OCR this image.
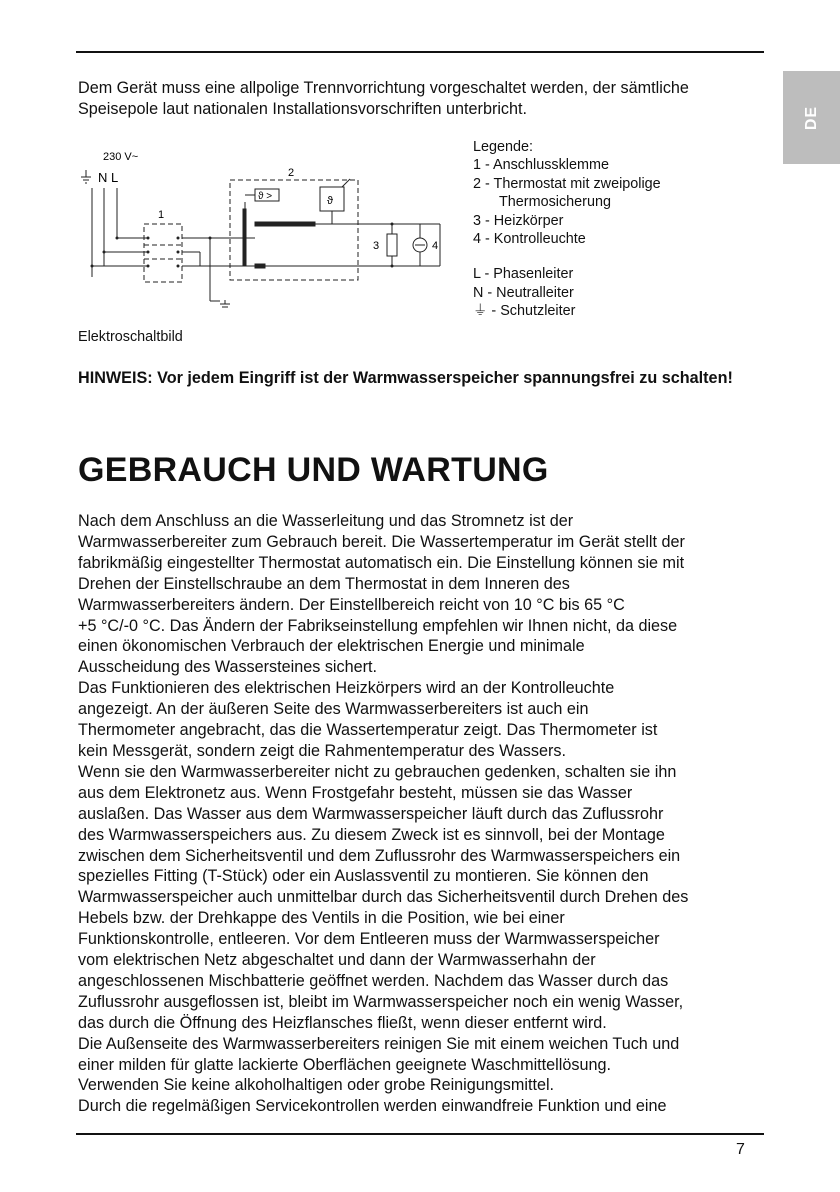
DE

Dem Gerät muss eine allpolige Trennvorrichtung vorgeschaltet werden, der sämtliche Speisepole laut nationalen Installationsvorschriften unterbricht.

230 V~
N L
1
2
3	4
ϑ >	ϑ
Legende:
1 - Anschlussklemme
2 - Thermostat mit zweipolige
Thermosicherung
3 - Heizkörper
4 - Kontrolleuchte
L - Phasenleiter
N - Neutralleiter
⏚ - Schutzleiter
Elektroschaltbild

HINWEIS: Vor jedem Eingriff ist der Warmwasserspeicher spannungsfrei zu schalten!

GEBRAUCH UND WARTUNG
Nach dem Anschluss an die Wasserleitung und das Stromnetz ist der
Warmwasserbereiter zum Gebrauch bereit. Die Wassertemperatur im Gerät stellt der
fabrikmäßig eingestellter Thermostat automatisch ein. Die Einstellung können sie mit
Drehen der Einstellschraube an dem Thermostat in dem Inneren des
Warmwasserbereiters ändern. Der Einstellbereich reicht von 10 °C bis 65 °C
+5 °C/-0 °C. Das Ändern der Fabrikseinstellung empfehlen wir Ihnen nicht, da diese
einen ökonomischen Verbrauch der elektrischen Energie und minimale
Ausscheidung des Wassersteines sichert.
Das Funktionieren des elektrischen Heizkörpers wird an der Kontrolleuchte
angezeigt. An der äußeren Seite des Warmwasserbereiters ist auch ein
Thermometer angebracht, das die Wassertemperatur zeigt. Das Thermometer ist
kein Messgerät, sondern zeigt die Rahmentemperatur des Wassers.
Wenn sie den Warmwasserbereiter nicht zu gebrauchen gedenken, schalten sie ihn
aus dem Elektronetz aus. Wenn Frostgefahr besteht, müssen sie das Wasser
auslaßen. Das Wasser aus dem Warmwasserspeicher läuft durch das Zuflussrohr
des Warmwasserspeichers aus. Zu diesem Zweck ist es sinnvoll, bei der Montage
zwischen dem Sicherheitsventil und dem Zuflussrohr des Warmwasserspeichers ein
spezielles Fitting (T-Stück) oder ein Auslassventil zu montieren. Sie können den
Warmwasserspeicher auch unmittelbar durch das Sicherheitsventil durch Drehen des
Hebels bzw. der Drehkappe des Ventils in die Position, wie bei einer
Funktionskontrolle, entleeren. Vor dem Entleeren muss der Warmwasserspeicher
vom elektrischen Netz abgeschaltet und dann der Warmwasserhahn der
angeschlossenen Mischbatterie geöffnet werden. Nachdem das Wasser durch das
Zuflussrohr ausgeflossen ist, bleibt im Warmwasserspeicher noch ein wenig Wasser,
das durch die Öffnung des Heizflansches fließt, wenn dieser entfernt wird.
Die Außenseite des Warmwasserbereiters reinigen Sie mit einem weichen Tuch und
einer milden für glatte lackierte Oberflächen geeignete Waschmittellösung.
Verwenden Sie keine alkoholhaltigen oder grobe Reinigungsmittel.
Durch die regelmäßigen Servicekontrollen werden einwandfreie Funktion und eine
7
